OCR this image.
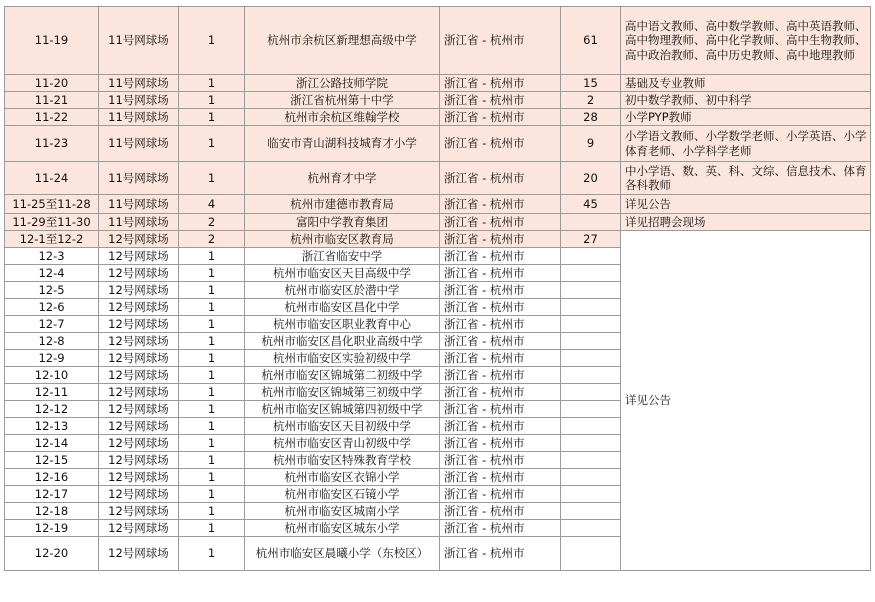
11-19	11号网球场	1	杭州市余杭区新理想高级中学	浙江省 - 杭州市	61	高中语文教师、高中数学教师、高中英语教师、高中物理教师、高中化学教师、高中生物教师、高中政治教师、高中历史教师、高中地理教师
11-20	11号网球场	1	浙江公路技师学院	浙江省 - 杭州市	15	基础及专业教师
11-21	11号网球场	1	浙江省杭州第十中学	浙江省 - 杭州市	2	初中数学教师、初中科学
11-22	11号网球场	1	杭州市余杭区维翰学校	浙江省 - 杭州市	28	小学PYP教师
11-23	11号网球场	1	临安市青山湖科技城育才小学	浙江省 - 杭州市	9	小学语文教师、小学数学老师、小学英语、小学体育老师、小学科学老师
11-24	11号网球场	1	杭州育才中学	浙江省 - 杭州市	20	中小学语、数、英、科、文综、信息技术、体育各科教师
11-25至11-28	11号网球场	4	杭州市建德市教育局	浙江省 - 杭州市	45	详见公告
11-29至11-30	11号网球场	2	富阳中学教育集团	浙江省 - 杭州市		详见招聘会现场
12-1至12-2	12号网球场	2	杭州市临安区教育局	浙江省 - 杭州市	27	详见公告
12-3	12号网球场	1	浙江省临安中学	浙江省 - 杭州市		
12-4	12号网球场	1	杭州市临安区天目高级中学	浙江省 - 杭州市		
12-5	12号网球场	1	杭州市临安区於潜中学	浙江省 - 杭州市		
12-6	12号网球场	1	杭州市临安区昌化中学	浙江省 - 杭州市		
12-7	12号网球场	1	杭州市临安区职业教育中心	浙江省 - 杭州市		
12-8	12号网球场	1	杭州市临安区昌化职业高级中学	浙江省 - 杭州市		
12-9	12号网球场	1	杭州市临安区实验初级中学	浙江省 - 杭州市		
12-10	12号网球场	1	杭州市临安区锦城第二初级中学	浙江省 - 杭州市		
12-11	12号网球场	1	杭州市临安区锦城第三初级中学	浙江省 - 杭州市		
12-12	12号网球场	1	杭州市临安区锦城第四初级中学	浙江省 - 杭州市		
12-13	12号网球场	1	杭州市临安区天目初级中学	浙江省 - 杭州市		
12-14	12号网球场	1	杭州市临安区青山初级中学	浙江省 - 杭州市		
12-15	12号网球场	1	杭州市临安区特殊教育学校	浙江省 - 杭州市		
12-16	12号网球场	1	杭州市临安区衣锦小学	浙江省 - 杭州市		
12-17	12号网球场	1	杭州市临安区石镜小学	浙江省 - 杭州市		
12-18	12号网球场	1	杭州市临安区城南小学	浙江省 - 杭州市		
12-19	12号网球场	1	杭州市临安区城东小学	浙江省 - 杭州市		
12-20	12号网球场	1	杭州市临安区晨曦小学（东校区）	浙江省 - 杭州市		
